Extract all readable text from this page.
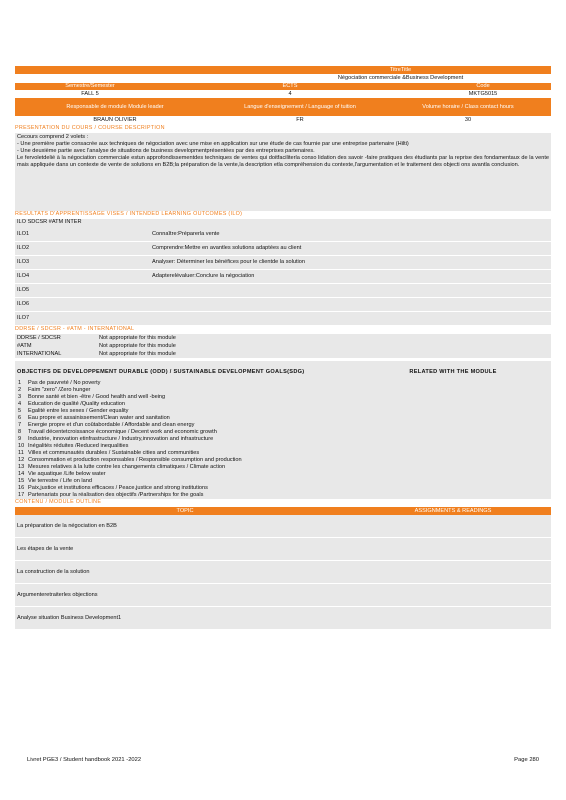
TitreTitle
Négociation commerciale &Business Development
Semestre/Semester	ECTS	Code
FALL 5	4	MKTG5015
Responsable de module Module leader	Langue d'enseignement / Language of tuition	Volume horaire / Class contact hours
BRAUN OLIVIER	FR	30
PRESENTATION DU COURS / COURSE DESCRIPTION
Cecours comprend 2 volets :
- Une première partie consacrée aux techniques de négociation avec une mise en application sur une étude de cas fournie par une entreprise partenaire (Hilti)
- Une deuxième partie avec l'analyse de situations de business developmentprésentées par des entreprises partenaires.
Le fervoletdelié à la négociation commerciale estun approfondissementdes techniques de ventes qui doitfaciliterla conso lidation des savoir -faire pratiques des étudiants par la reprise des fondamentaux de la vente mais appliquée dans un contexte de vente de solutions en B2B;la préparation de la vente,la description etla compréhension du contexte,l'argumentation et le traitement des objecti ons avantla conclusion.
RESULTATS D'APPRENTISSAGE VISES / INTENDED LEARNING OUTCOMES (ILO)
ILO SDCSR #ATM INTER
ILO1	Connaître:Préparerla vente
ILO2	Comprendre:Mettre en avantles solutions adaptées au client
ILO3	Analyser: Déterminer les bénéfices pour le clientde la solution
ILO4	Adapterelévaluer:Conclure la négociation
ILO5
ILO6
ILO7
DDRSE / SDCSR - #ATM - INTERNATIONAL
DDRSE / SDCSR	Not appropriate for this module
#ATM	Not appropriate for this module
INTERNATIONAL	Not appropriate for this module
OBJECTIFS DE DEVELOPPEMENT DURABLE (ODD) / SUSTAINABLE DEVELOPMENT GOALS(SDG)	RELATED WITH THE MODULE
1	Pas de pauvreté / No poverty
2	Faim "zero" /Zero hunger
3	Bonne santé et bien -être / Good health and well -being
4	Education de qualité /Quality education
5	Egalité entre les sexes / Gender equality
6	Eau propre et assainissement/Clean water and sanitation
7	Energie propre et d'un coûtabordable / Affordable and clean energy
8	Travail décentetcroissance économique / Decent work and economic growth
9	Industrie, innovation etinfrastructure / Industry,innovation and infrastructure
10 Inégalités réduites /Reduced inequalities
11 Villes et communautés durables / Sustainable cities and communities
12 Consommation et production responsables / Responsible consumption and production
13 Mesures relatives à la lutte contre les changements climatiques / Climate action
14 Vie aquatique /Life below water
15 Vie terrestre / Life on land
16 Paix,justice et institutions efficaces / Peace,justice and strong institutions
17 Partenariats pour la réalisation des objectifs /Partnerships for the goals
CONTENU / MODULE OUTLINE
TOPIC	ASSIGNMENTS & READINGS
La préparation de la négociation en B2B
Les étapes de la vente
La construction de la solution
Argumenteretraiterles objections
Analyse situation Business Development1
Livret PGE3 / Student handbook 2021 -2022	Page 280
